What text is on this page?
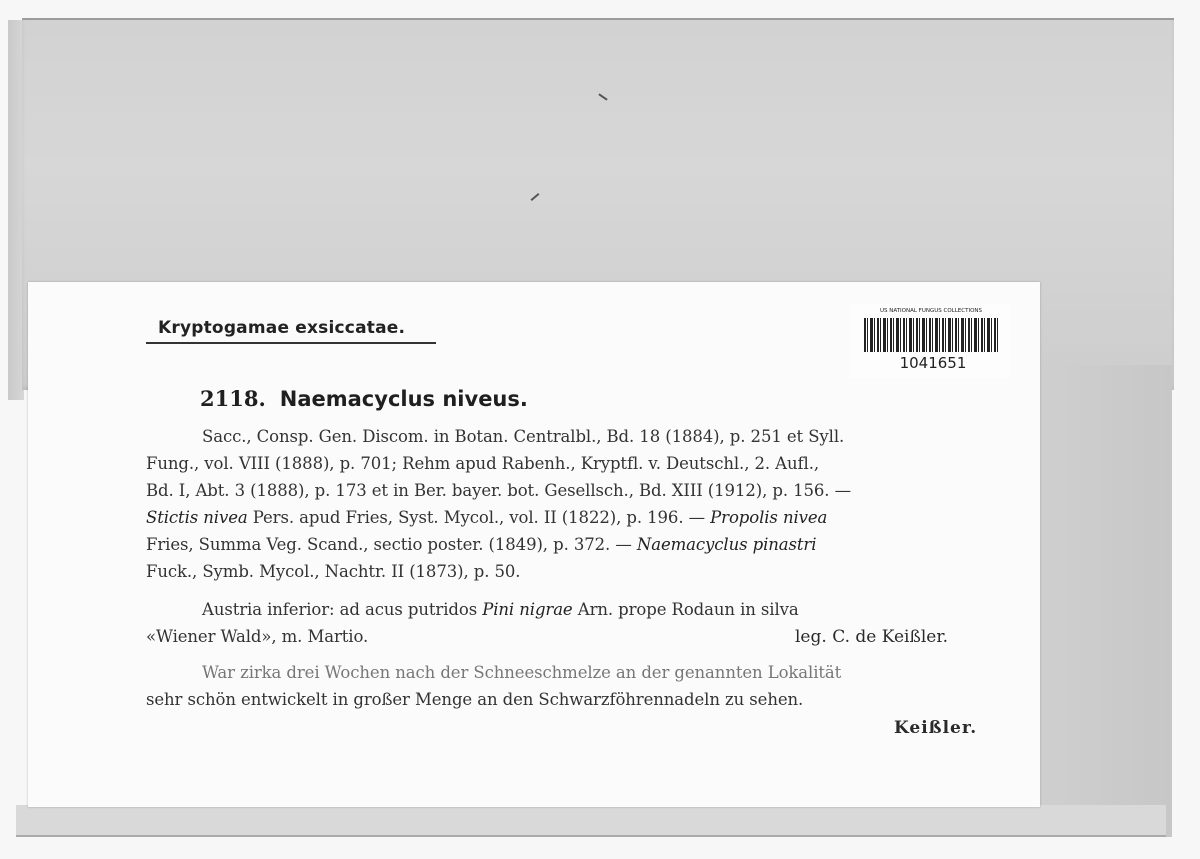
Kryptogamae exsiccatae.
US NATIONAL FUNGUS COLLECTIONS
1041651
2118. Naemacyclus niveus.
Sacc., Consp. Gen. Discom. in Botan. Centralbl., Bd. 18 (1884), p. 251 et Syll.
Fung., vol. VIII (1888), p. 701; Rehm apud Rabenh., Kryptfl. v. Deutschl., 2. Aufl.,
Bd. I, Abt. 3 (1888), p. 173 et in Ber. bayer. bot. Gesellsch., Bd. XIII (1912), p. 156. —
Stictis nivea Pers. apud Fries, Syst. Mycol., vol. II (1822), p. 196. — Propolis nivea
Fries, Summa Veg. Scand., sectio poster. (1849), p. 372. — Naemacyclus pinastri
Fuck., Symb. Mycol., Nachtr. II (1873), p. 50.
Austria inferior: ad acus putridos Pini nigrae Arn. prope Rodaun in silva
«Wiener Wald», m. Martio.	leg. C. de Keißler.
War zirka drei Wochen nach der Schneeschmelze an der genannten Lokalität
sehr schön entwickelt in großer Menge an den Schwarzföhrennadeln zu sehen.
Keißler.
